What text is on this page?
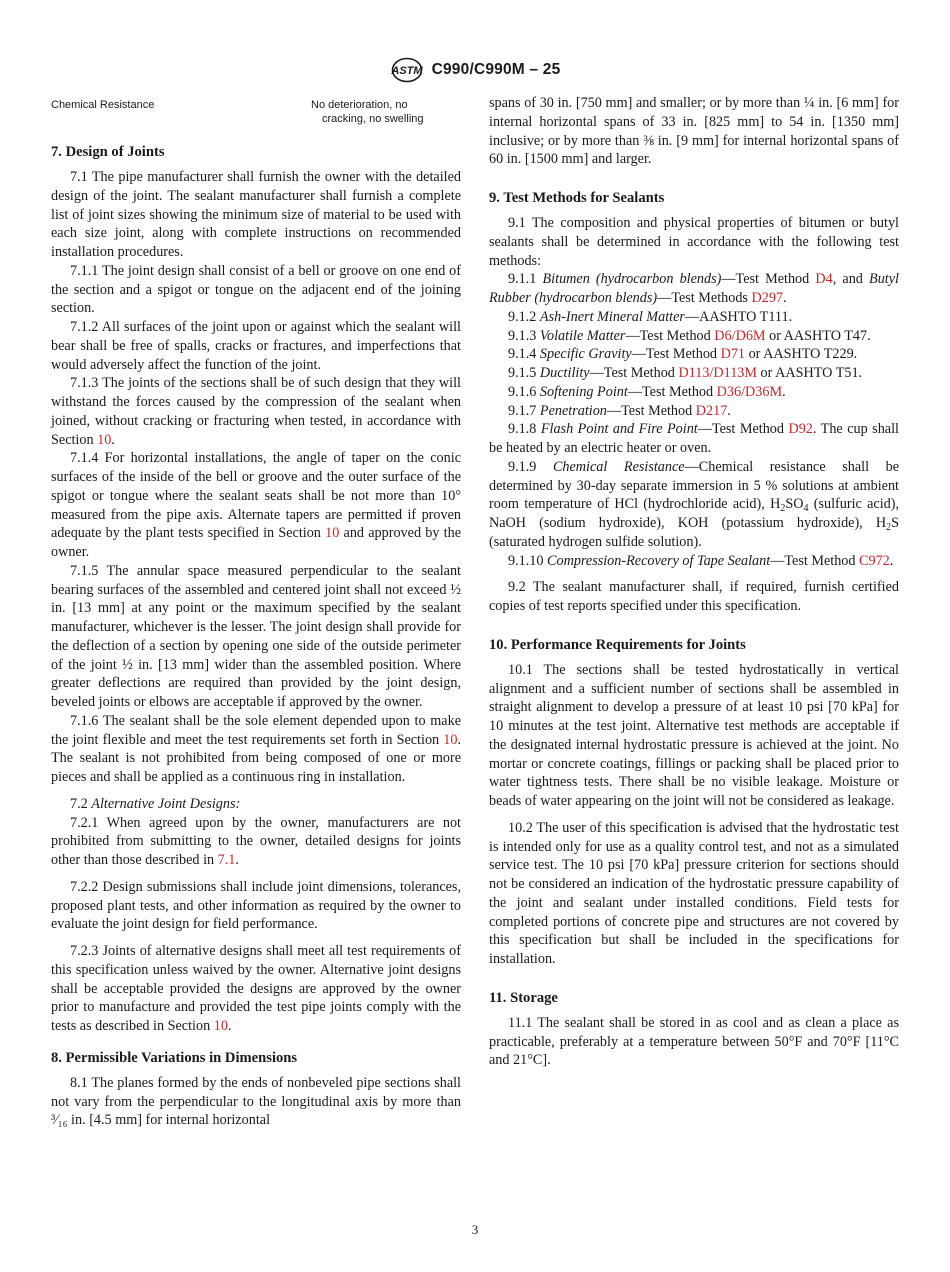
ASTM C990/C990M – 25
Chemical Resistance	No deterioration, no
cracking, no swelling
7. Design of Joints

7.1 The pipe manufacturer shall furnish the owner with the detailed design of the joint. The sealant manufacturer shall furnish a complete list of joint sizes showing the minimum size of material to be used with each size joint, along with complete instructions on recommended installation procedures.

7.1.1 The joint design shall consist of a bell or groove on one end of the section and a spigot or tongue on the adjacent end of the joining section.

7.1.2 All surfaces of the joint upon or against which the sealant will bear shall be free of spalls, cracks or fractures, and imperfections that would adversely affect the function of the joint.

7.1.3 The joints of the sections shall be of such design that they will withstand the forces caused by the compression of the sealant when joined, without cracking or fracturing when tested, in accordance with Section 10.

7.1.4 For horizontal installations, the angle of taper on the conic surfaces of the inside of the bell or groove and the outer surface of the spigot or tongue where the sealant seats shall be not more than 10° measured from the pipe axis. Alternate tapers are permitted if proven adequate by the plant tests specified in Section 10 and approved by the owner.

7.1.5 The annular space measured perpendicular to the sealant bearing surfaces of the assembled and centered joint shall not exceed ½ in. [13 mm] at any point or the maximum specified by the sealant manufacturer, whichever is the lesser. The joint design shall provide for the deflection of a section by opening one side of the outside perimeter of the joint ½ in. [13 mm] wider than the assembled position. Where greater deflections are required than provided by the joint design, beveled joints or elbows are acceptable if approved by the owner.

7.1.6 The sealant shall be the sole element depended upon to make the joint flexible and meet the test requirements set forth in Section 10. The sealant is not prohibited from being composed of one or more pieces and shall be applied as a continuous ring in installation.

7.2 Alternative Joint Designs:

7.2.1 When agreed upon by the owner, manufacturers are not prohibited from submitting to the owner, detailed designs for joints other than those described in 7.1.

7.2.2 Design submissions shall include joint dimensions, tolerances, proposed plant tests, and other information as required by the owner to evaluate the joint design for field performance.

7.2.3 Joints of alternative designs shall meet all test requirements of this specification unless waived by the owner. Alternative joint designs shall be acceptable provided the designs are approved by the owner prior to manufacture and provided the test pipe joints comply with the tests as described in Section 10.

8. Permissible Variations in Dimensions

8.1 The planes formed by the ends of nonbeveled pipe sections shall not vary from the perpendicular to the longitudinal axis by more than ³⁄₁₆ in. [4.5 mm] for internal horizontal

spans of 30 in. [750 mm] and smaller; or by more than ¼ in. [6 mm] for internal horizontal spans of 33 in. [825 mm] to 54 in. [1350 mm] inclusive; or by more than ⅜ in. [9 mm] for internal horizontal spans of 60 in. [1500 mm] and larger.

9. Test Methods for Sealants

9.1 The composition and physical properties of bitumen or butyl sealants shall be determined in accordance with the following test methods:

9.1.1 Bitumen (hydrocarbon blends)—Test Method D4, and Butyl Rubber (hydrocarbon blends)—Test Methods D297.

9.1.2 Ash-Inert Mineral Matter—AASHTO T111.

9.1.3 Volatile Matter—Test Method D6/D6M or AASHTO T47.

9.1.4 Specific Gravity—Test Method D71 or AASHTO T229.

9.1.5 Ductility—Test Method D113/D113M or AASHTO T51.

9.1.6 Softening Point—Test Method D36/D36M.

9.1.7 Penetration—Test Method D217.

9.1.8 Flash Point and Fire Point—Test Method D92. The cup shall be heated by an electric heater or oven.

9.1.9 Chemical Resistance—Chemical resistance shall be determined by 30-day separate immersion in 5 % solutions at ambient room temperature of HCl (hydrochloride acid), $H_2SO_4$ (sulfuric acid), NaOH (sodium hydroxide), KOH (potassium hydroxide), $H_2S$ (saturated hydrogen sulfide solution).

9.1.10 Compression-Recovery of Tape Sealant—Test Method C972.

9.2 The sealant manufacturer shall, if required, furnish certified copies of test reports specified under this specification.

10. Performance Requirements for Joints

10.1 The sections shall be tested hydrostatically in vertical alignment and a sufficient number of sections shall be assembled in straight alignment to develop a pressure of at least 10 psi [70 kPa] for 10 minutes at the test joint. Alternative test methods are acceptable if the designated internal hydrostatic pressure is achieved at the joint. No mortar or concrete coatings, fillings or packing shall be placed prior to water tightness tests. There shall be no visible leakage. Moisture or beads of water appearing on the joint will not be considered as leakage.

10.2 The user of this specification is advised that the hydrostatic test is intended only for use as a quality control test, and not as a simulated service test. The 10 psi [70 kPa] pressure criterion for sections should not be considered an indication of the hydrostatic pressure capability of the joint and sealant under installed conditions. Field tests for completed portions of concrete pipe and structures are not covered by this specification but shall be included in the specifications for installation.

11. Storage

11.1 The sealant shall be stored in as cool and as clean a place as practicable, preferably at a temperature between 50°F and 70°F [11°C and 21°C].

3
